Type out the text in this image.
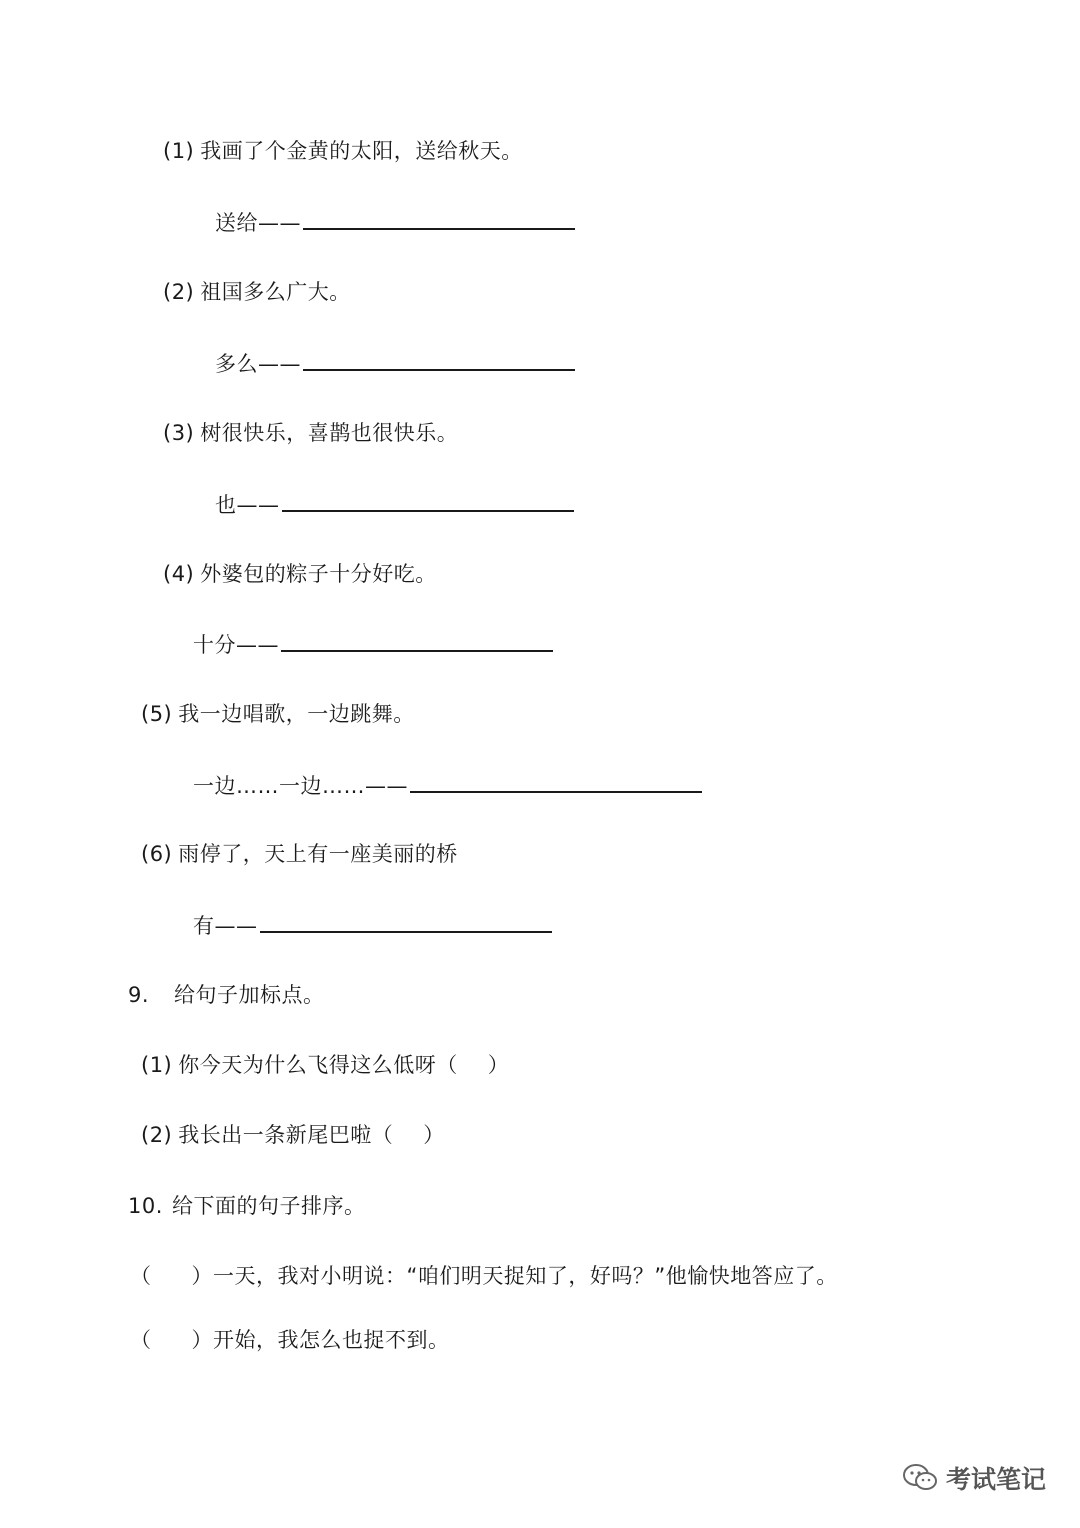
(1) 我画了个金黄的太阳，送给秋天。
送给——
(2) 祖国多么广大。
多么——
(3) 树很快乐，喜鹊也很快乐。
也——
(4) 外婆包的粽子十分好吃。
十分——
(5) 我一边唱歌，一边跳舞。
一边……一边……——
(6) 雨停了，天上有一座美丽的桥
有——
9. 给句子加标点。
(1) 你今天为什么飞得这么低呀（ ）
(2) 我长出一条新尾巴啦（ ）
10. 给下面的句子排序。
（ ）一天，我对小明说：“咱们明天捉知了，好吗？”他愉快地答应了。
（ ）开始，我怎么也捉不到。
考试笔记
